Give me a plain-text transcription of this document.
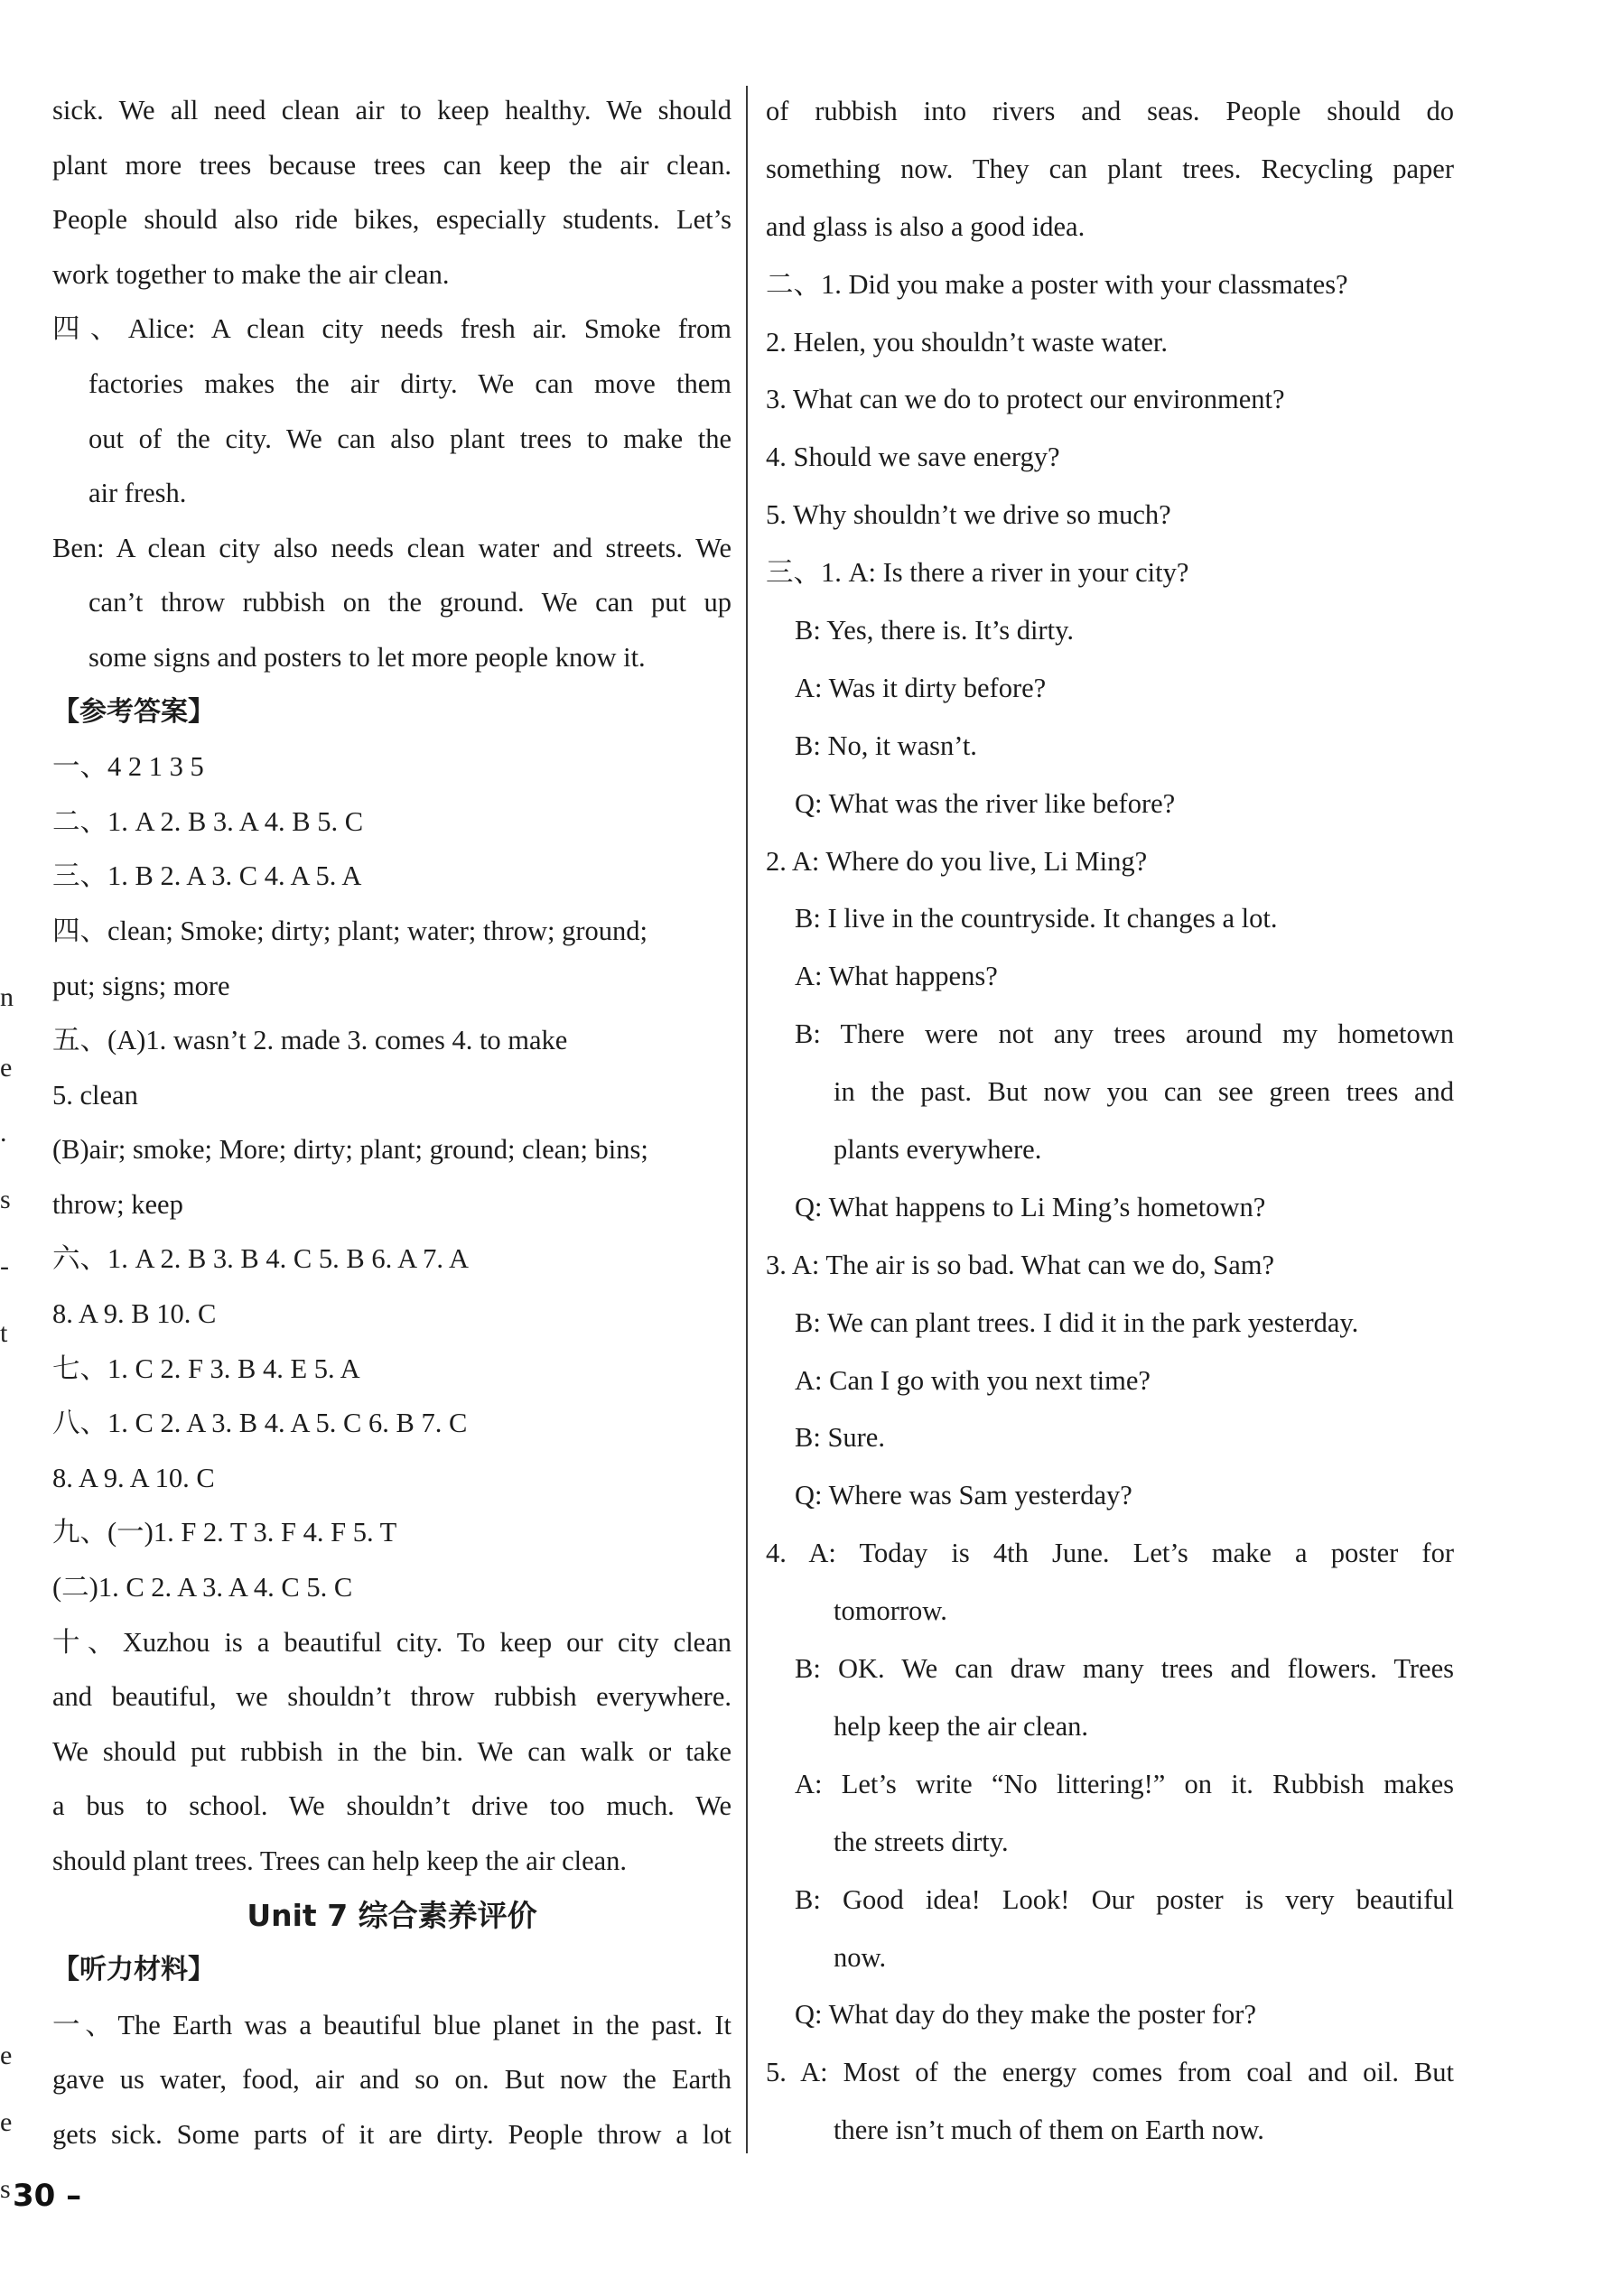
n
e
.
s
-
t
e
e
s
sick. We all need clean air to keep healthy. We should
plant more trees because trees can keep the air clean.
People should also ride bikes, especially students. Let’s
work together to make the air clean.
四、Alice: A clean city needs fresh air. Smoke from
factories makes the air dirty. We can move them
out of the city. We can also plant trees to make the
air fresh.
Ben: A clean city also needs clean water and streets. We
can’t throw rubbish on the ground. We can put up
some signs and posters to let more people know it.
【参考答案】
一、4 2 1 3 5
二、1. A 2. B 3. A 4. B 5. C
三、1. B 2. A 3. C 4. A 5. A
四、clean; Smoke; dirty; plant; water; throw; ground;
put; signs; more
五、(A)1. wasn’t 2. made 3. comes 4. to make
5. clean
(B)air; smoke; More; dirty; plant; ground; clean; bins;
throw; keep
六、1. A 2. B 3. B 4. C 5. B 6. A 7. A
8. A 9. B 10. C
七、1. C 2. F 3. B 4. E 5. A
八、1. C 2. A 3. B 4. A 5. C 6. B 7. C
8. A 9. A 10. C
九、(一)1. F 2. T 3. F 4. F 5. T
(二)1. C 2. A 3. A 4. C 5. C
十、Xuzhou is a beautiful city. To keep our city clean
and beautiful, we shouldn’t throw rubbish everywhere.
We should put rubbish in the bin. We can walk or take
a bus to school. We shouldn’t drive too much. We
should plant trees. Trees can help keep the air clean.
Unit 7 综合素养评价
【听力材料】
一、The Earth was a beautiful blue planet in the past. It
gave us water, food, air and so on. But now the Earth
gets sick. Some parts of it are dirty. People throw a lot
of rubbish into rivers and seas. People should do
something now. They can plant trees. Recycling paper
and glass is also a good idea.
二、1. Did you make a poster with your classmates?
2. Helen, you shouldn’t waste water.
3. What can we do to protect our environment?
4. Should we save energy?
5. Why shouldn’t we drive so much?
三、1. A: Is there a river in your city?
B: Yes, there is. It’s dirty.
A: Was it dirty before?
B: No, it wasn’t.
Q: What was the river like before?
2. A: Where do you live, Li Ming?
B: I live in the countryside. It changes a lot.
A: What happens?
B: There were not any trees around my hometown
in the past. But now you can see green trees and
plants everywhere.
Q: What happens to Li Ming’s hometown?
3. A: The air is so bad. What can we do, Sam?
B: We can plant trees. I did it in the park yesterday.
A: Can I go with you next time?
B: Sure.
Q: Where was Sam yesterday?
4. A: Today is 4th June. Let’s make a poster for
tomorrow.
B: OK. We can draw many trees and flowers. Trees
help keep the air clean.
A: Let’s write “No littering!” on it. Rubbish makes
the streets dirty.
B: Good idea! Look! Our poster is very beautiful
now.
Q: What day do they make the poster for?
5. A: Most of the energy comes from coal and oil. But
there isn’t much of them on Earth now.
30 –
